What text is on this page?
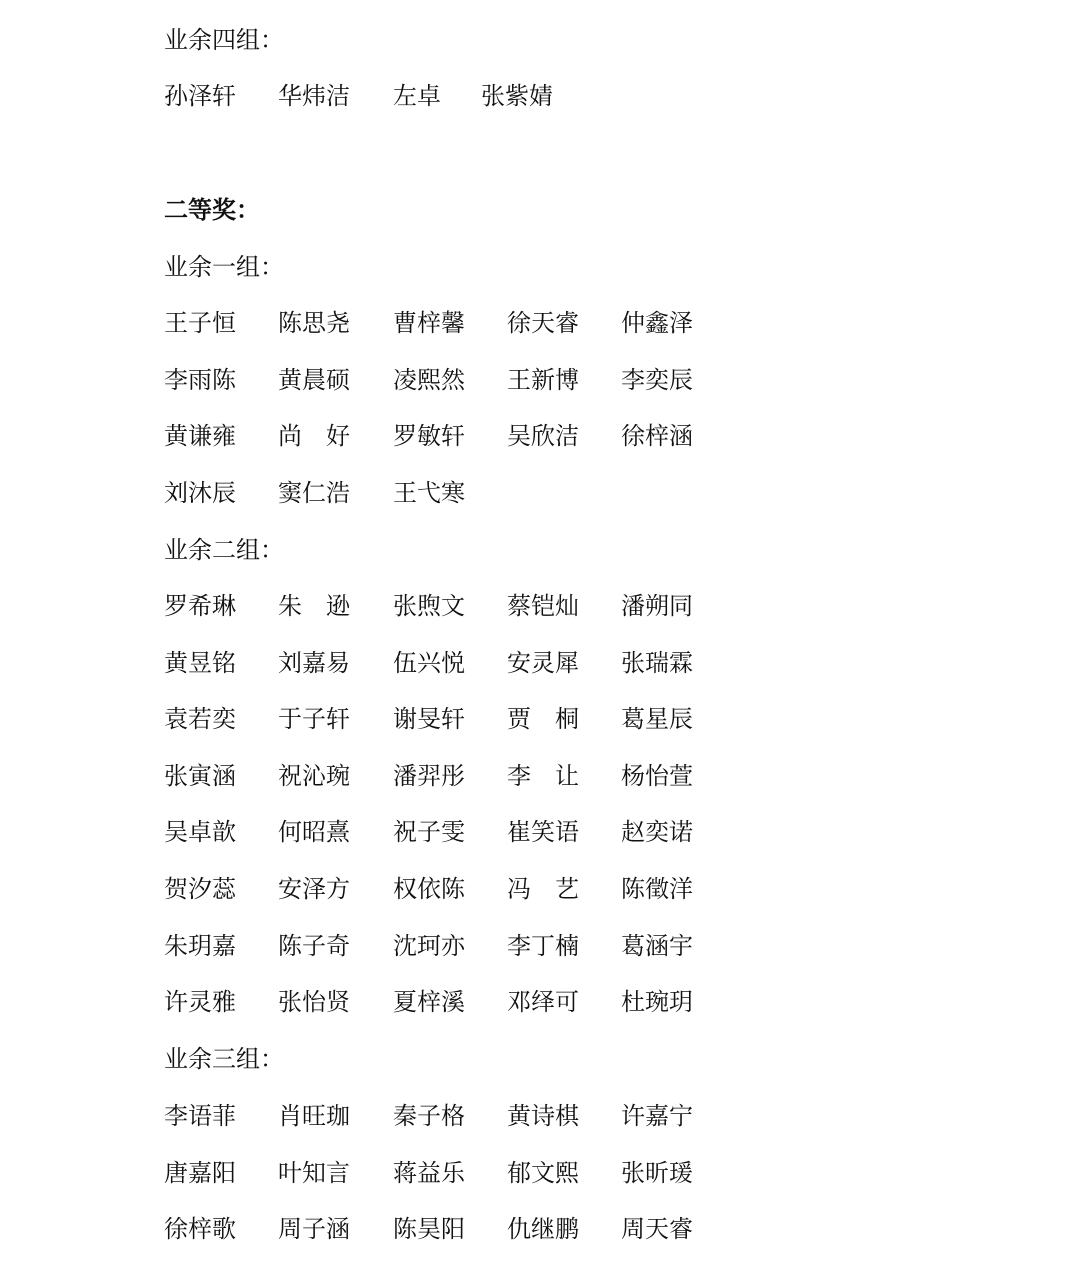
业余四组：
孙泽轩 华炜洁 左卓 张紫婧
二等奖：
业余一组：
王子恒 陈思尧 曹梓馨 徐天睿 仲鑫泽
李雨陈 黄晨硕 凌熙然 王新博 李奕辰
黄谦雍 尚　好 罗敏轩 吴欣洁 徐梓涵
刘沐辰 窦仁浩 王弋寒
业余二组：
罗希琳 朱　逊 张煦文 蔡铠灿 潘朔同
黄昱铭 刘嘉易 伍兴悦 安灵犀 张瑞霖
袁若奕 于子轩 谢旻轩 贾　桐 葛星辰
张寅涵 祝沁琬 潘羿彤 李　让 杨怡萱
吴卓歆 何昭熹 祝子雯 崔笑语 赵奕诺
贺汐蕊 安泽方 权依陈 冯　艺 陈徵洋
朱玥嘉 陈子奇 沈珂亦 李丁楠 葛涵宇
许灵雅 张怡贤 夏梓溪 邓绎可 杜琬玥
业余三组：
李语菲 肖旺珈 秦子格 黄诗棋 许嘉宁
唐嘉阳 叶知言 蒋益乐 郁文熙 张昕瑗
徐梓歌 周子涵 陈昊阳 仇继鹏 周天睿
